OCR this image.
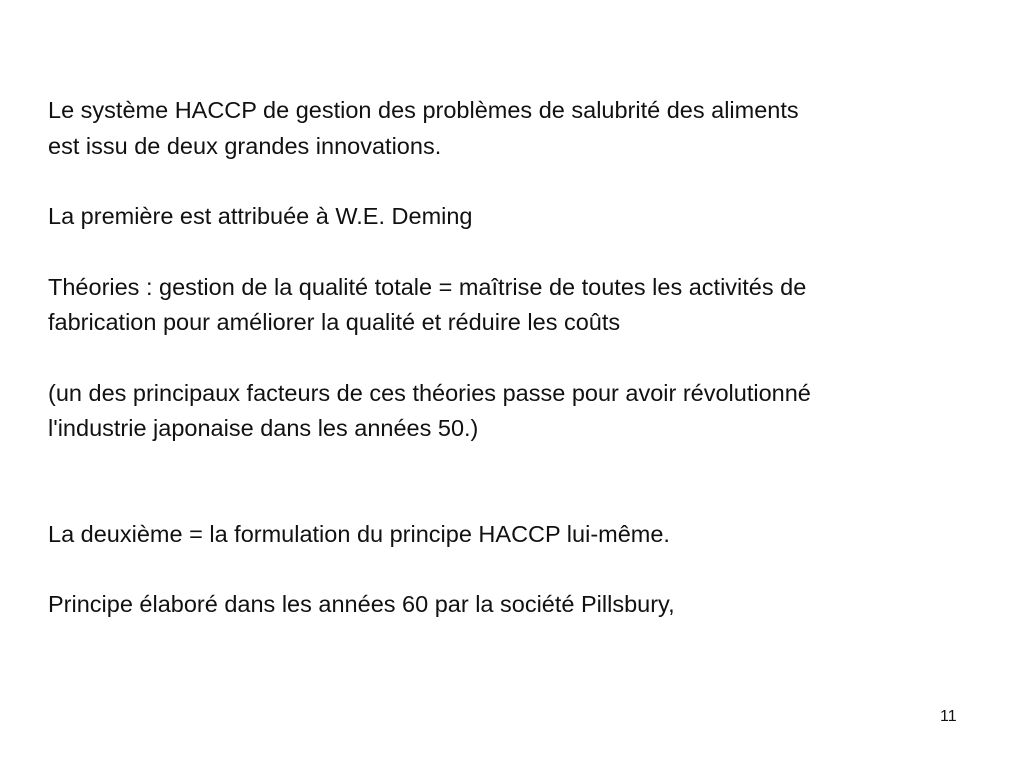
Le système HACCP de gestion des problèmes de salubrité des aliments

est issu de deux grandes innovations.

La première est attribuée à W.E. Deming

Théories : gestion de la qualité totale = maîtrise de toutes les activités de

fabrication pour améliorer la qualité et réduire les coûts

(un des principaux facteurs de ces théories passe pour avoir révolutionné

l'industrie japonaise dans les années 50.)

La deuxième = la formulation du principe HACCP lui-même.

Principe élaboré dans les années 60 par la société Pillsbury,

11
